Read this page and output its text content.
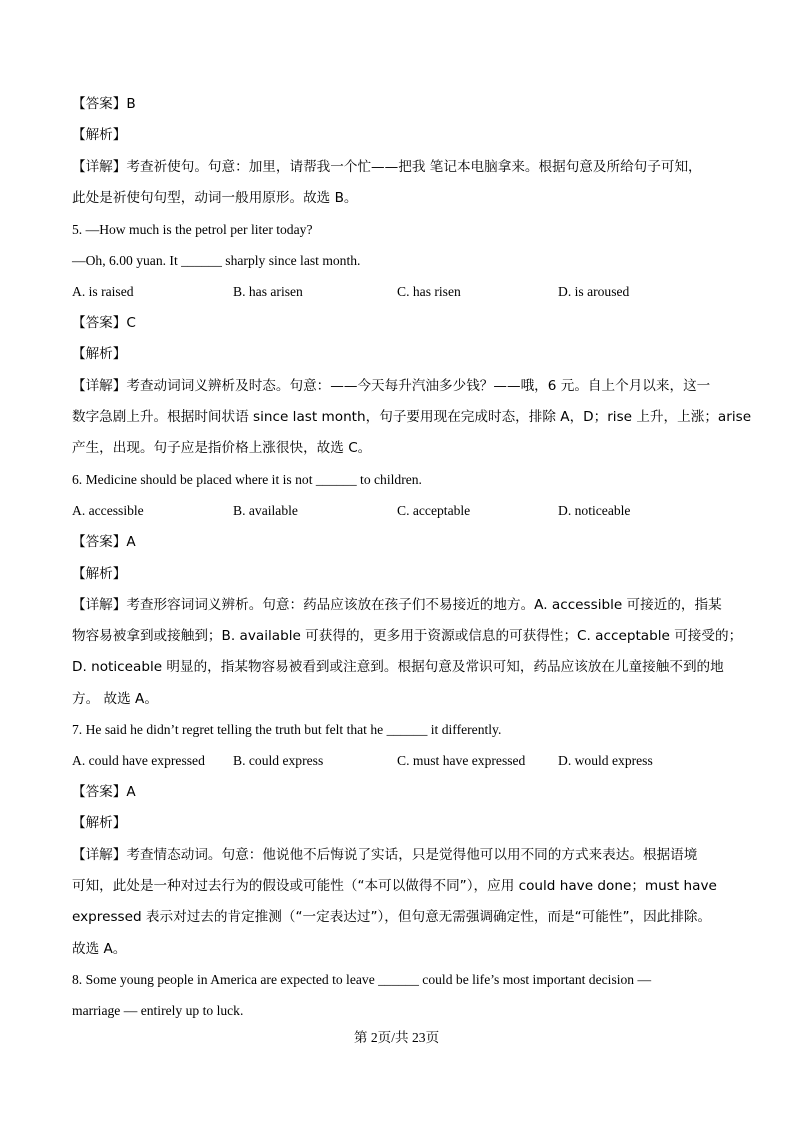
【答案】B
【解析】
【详解】考查祈使句。句意：加里，请帮我一个忙——把我 笔记本电脑拿来。根据句意及所给句子可知，
此处是祈使句句型，动词一般用原形。故选 B。
5. —How much is the petrol per liter today?
—Oh, 6.00 yuan. It ______ sharply since last month.
A. is raised	B. has arisen	C. has risen	D. is aroused
【答案】C
【解析】
【详解】考查动词词义辨析及时态。句意：——今天每升汽油多少钱？——哦，6 元。自上个月以来，这一
数字急剧上升。根据时间状语 since last month，句子要用现在完成时态，排除 A，D；rise 上升，上涨；arise
产生，出现。句子应是指价格上涨很快，故选 C。
6. Medicine should be placed where it is not ______ to children.
A. accessible	B. available	C. acceptable	D. noticeable
【答案】A
【解析】
【详解】考查形容词词义辨析。句意：药品应该放在孩子们不易接近的地方。A. accessible 可接近的，指某
物容易被拿到或接触到；B. available 可获得的，更多用于资源或信息的可获得性；C. acceptable 可接受的；
D. noticeable 明显的，指某物容易被看到或注意到。根据句意及常识可知，药品应该放在儿童接触不到的地
方。 故选 A。
7. He said he didn’t regret telling the truth but felt that he ______ it differently.
A. could have expressed B. could express	C. must have expressed D. would express
【答案】A
【解析】
【详解】考查情态动词。句意：他说他不后悔说了实话，只是觉得他可以用不同的方式来表达。根据语境
可知，此处是一种对过去行为的假设或可能性（“本可以做得不同”），应用 could have done；must have
expressed 表示对过去的肯定推测（“一定表达过”），但句意无需强调确定性，而是“可能性”，因此排除。
故选 A。
8. Some young people in America are expected to leave ______ could be life’s most important decision —
marriage — entirely up to luck.
第 2页/共 23页
